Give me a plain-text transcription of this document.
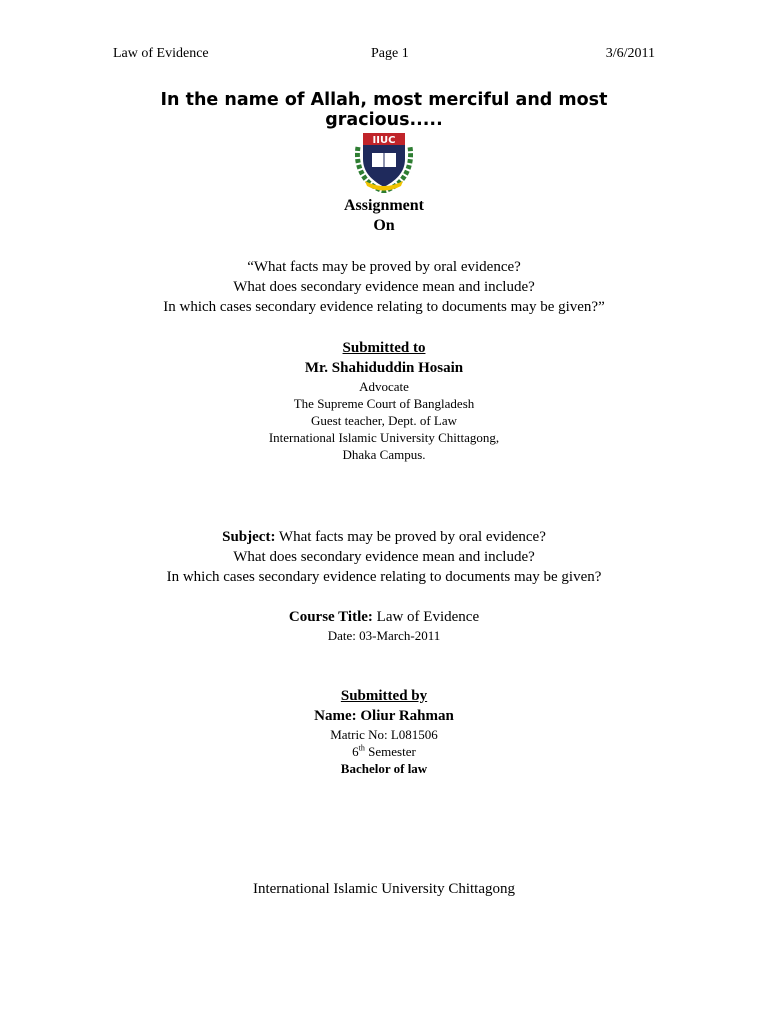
Law of Evidence	Page 1	3/6/2011
In the name of Allah, most merciful and most
gracious.....
IIUC
Assignment
On
“What facts may be proved by oral evidence?
What does secondary evidence mean and include?
In which cases secondary evidence relating to documents may be given?”
Submitted to
Mr. Shahiduddin Hosain
Advocate
The Supreme Court of Bangladesh
Guest teacher, Dept. of Law
International Islamic University Chittagong,
Dhaka Campus.
Subject: What facts may be proved by oral evidence?
What does secondary evidence mean and include?
In which cases secondary evidence relating to documents may be given?
Course Title: Law of Evidence
Date: 03-March-2011
Submitted by
Name: Oliur Rahman
Matric No: L081506
6th Semester
Bachelor of law
International Islamic University Chittagong
